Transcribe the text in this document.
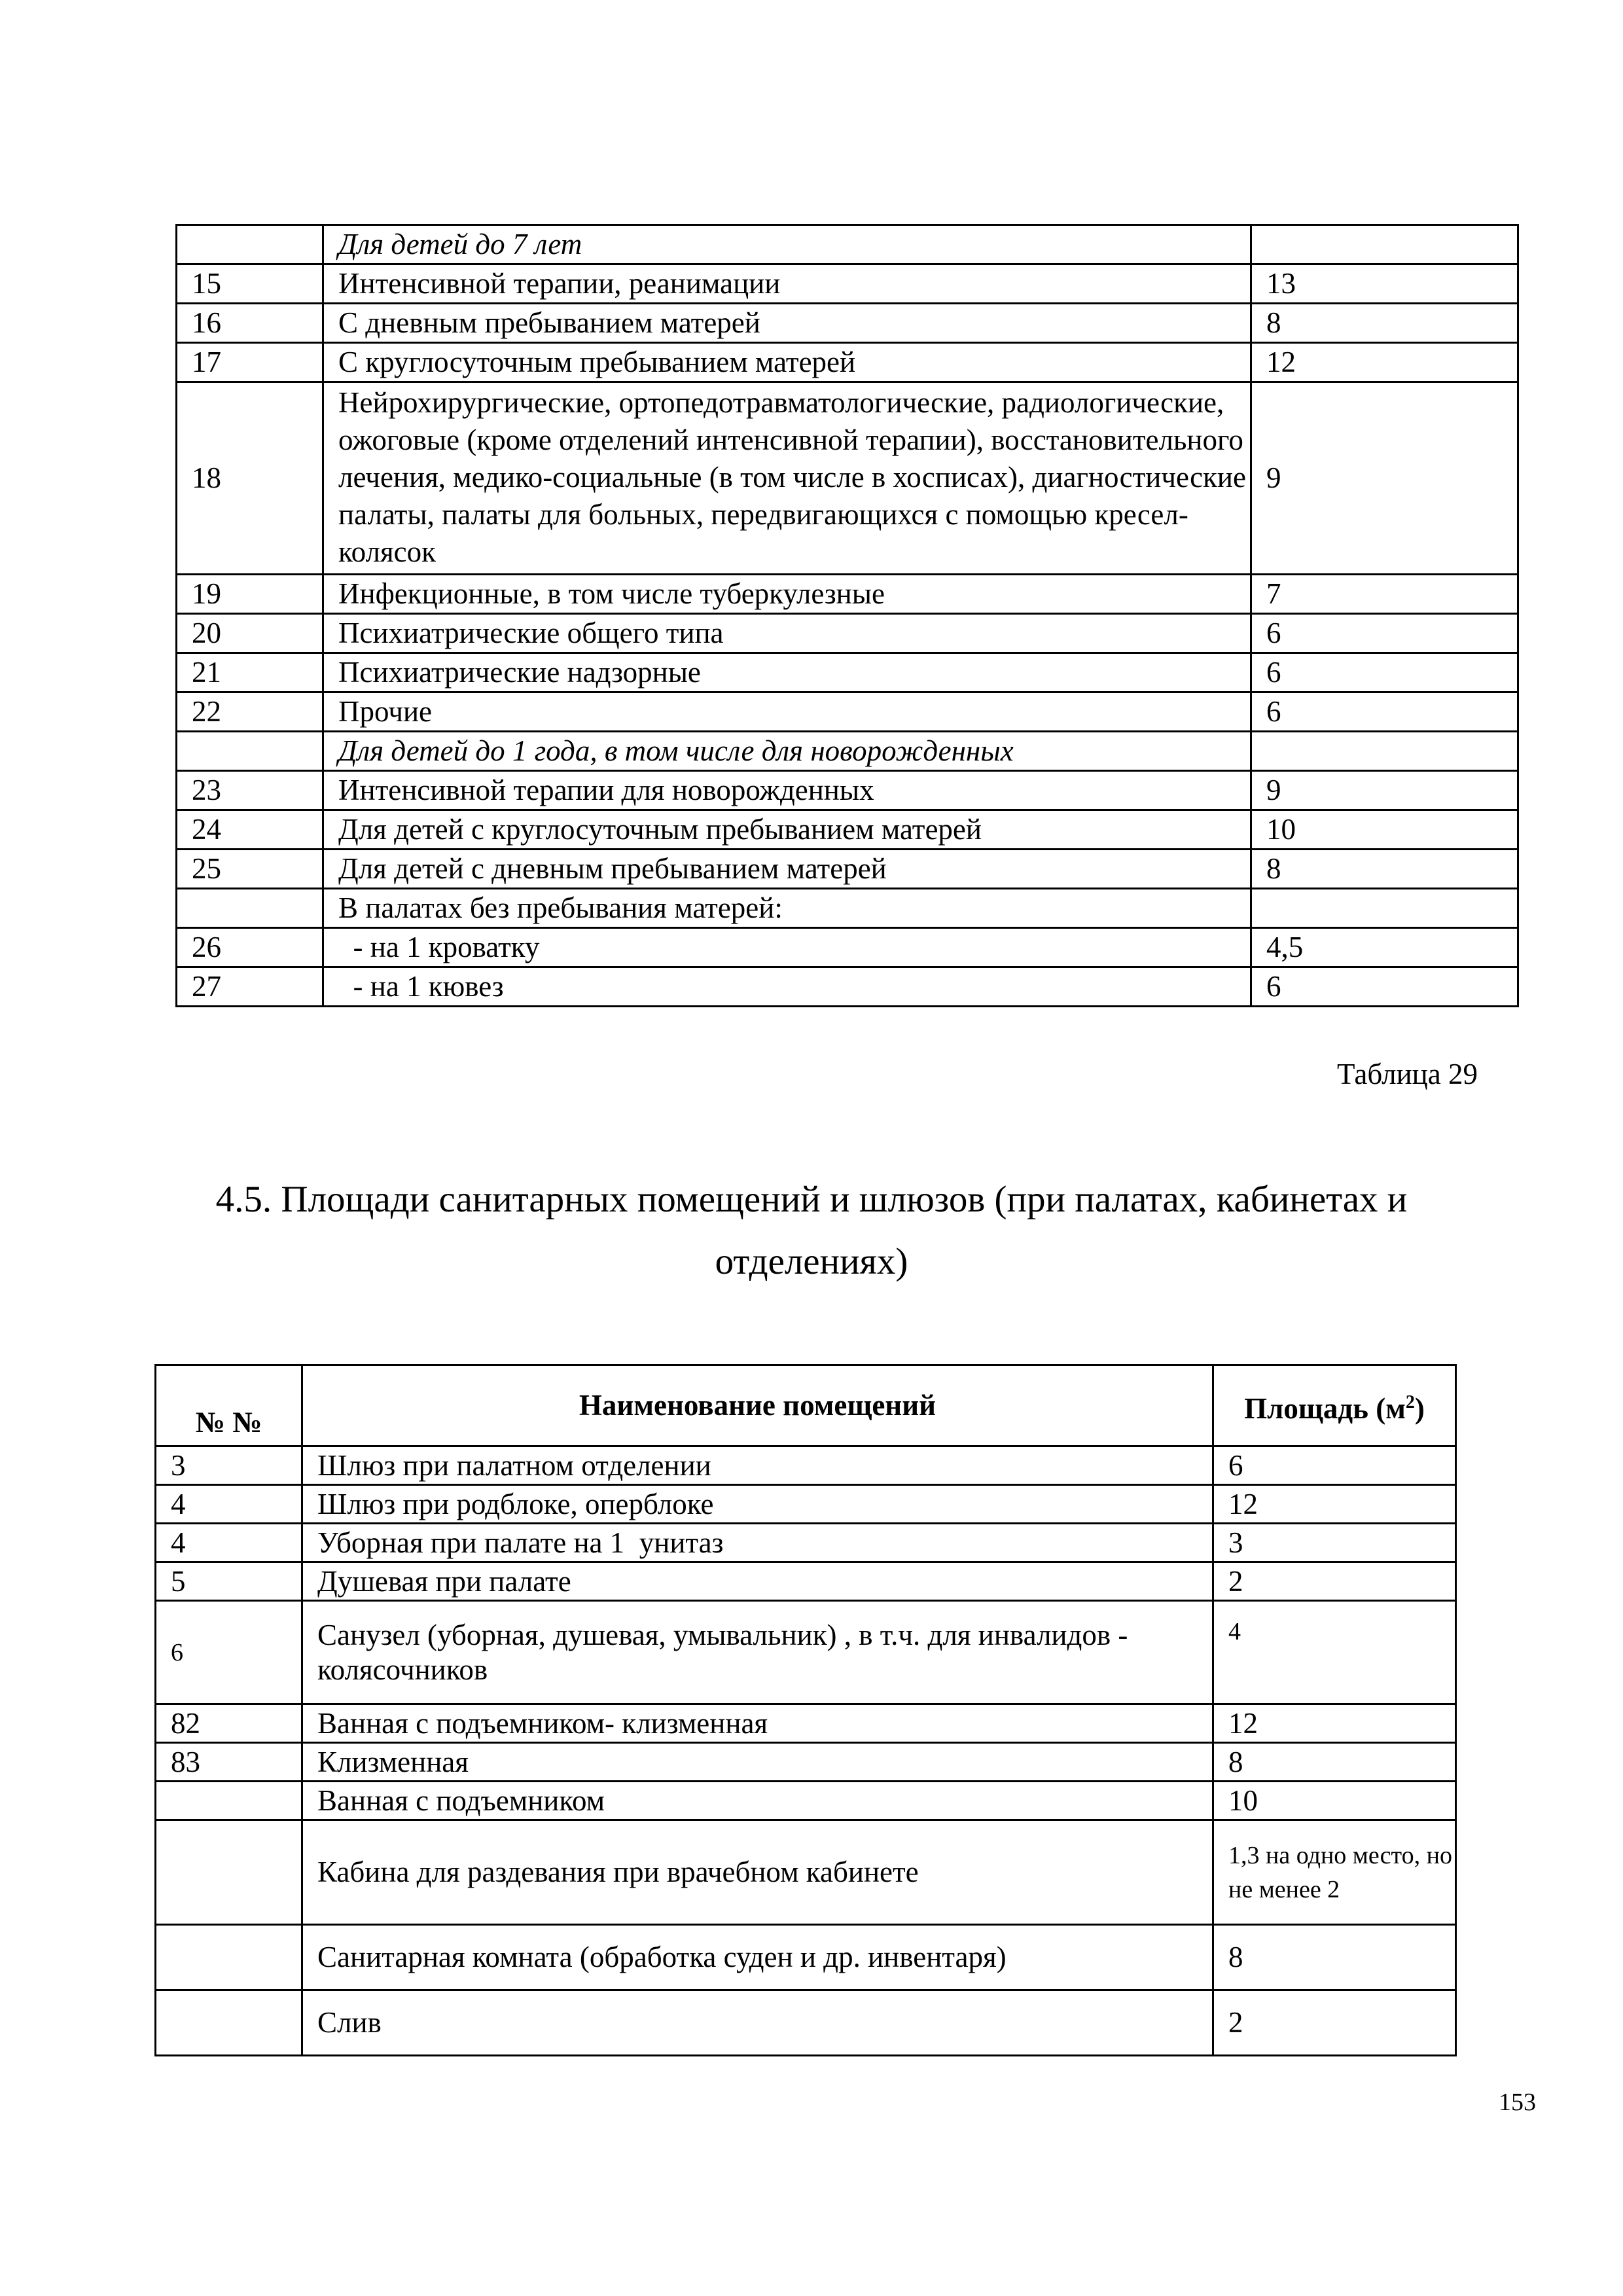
	Для детей до 7 лет	
15	Интенсивной терапии, реанимации	13
16	С дневным пребыванием матерей	8
17	С круглосуточным пребыванием матерей	12
18	Нейрохирургические, ортопедотравматологические, радиологические, ожоговые (кроме отделений интенсивной терапии), восстановительного лечения, медико-социальные (в том числе в хосписах), диагностические палаты, палаты для больных, передвигающихся с помощью кресел-колясок	9
19	Инфекционные, в том числе туберкулезные	7
20	Психиатрические общего типа	6
21	Психиатрические надзорные	6
22	Прочие	6
	Для детей до 1 года, в том числе для новорожденных	
23	Интенсивной терапии для новорожденных	9
24	Для детей с круглосуточным пребыванием матерей	10
25	Для детей с дневным пребыванием матерей	8
	В палатах без пребывания матерей:	
26	- на 1 кроватку	4,5
27	- на 1 кювез	6
Таблица 29
4.5. Площади санитарных помещений и шлюзов (при палатах, кабинетах и отделениях)
№ №	Наименование помещений	Площадь $(м^2)$
3	Шлюз при палатном отделении	6
4	Шлюз при родблоке, оперблоке	12
4	Уборная при палате на 1  унитаз	3
5	Душевая при палате	2
6	Санузел (уборная, душевая, умывальник) , в т.ч. для инвалидов - колясочников	4
82	Ванная с подъемником- клизменная	12
83	Клизменная	8
	Ванная с подъемником	10
	Кабина для раздевания при врачебном кабинете	1,3 на одно место, но не менее 2
	Санитарная комната (обработка суден и др. инвентаря)	8
	Слив	2
153
